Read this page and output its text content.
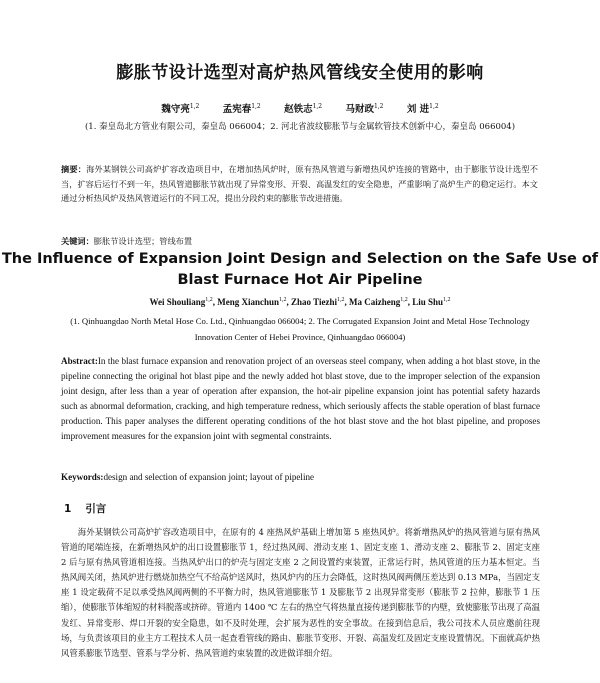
膨胀节设计选型对高炉热风管线安全使用的影响
魏守亮$^{1,2}$ 孟宪春$^{1,2}$ 赵铁志$^{1,2}$ 马财政$^{1,2}$ 刘 进$^{1,2}$
(1. 秦皇岛北方管业有限公司，秦皇岛 066004；2. 河北省波纹膨胀节与金属软管技术创新中心，秦皇岛 066004)
摘要：海外某钢铁公司高炉扩容改造项目中，在增加热风炉时，原有热风管道与新增热风炉连接的管路中，由于膨胀节设计选型不当，扩容后运行不到一年，热风管道膨胀节就出现了异常变形、开裂、高温发红的安全隐患，严重影响了高炉生产的稳定运行。本文通过分析热风炉及热风管道运行的不同工况，提出分段约束的膨胀节改进措施。
关键词：膨胀节设计选型；管线布置
The Influence of Expansion Joint Design and Selection on the Safe Use of Blast Furnace Hot Air Pipeline
Wei Shouliang$^{1,2}$, Meng Xianchun$^{1,2}$, Zhao Tiezhi$^{1,2}$, Ma Caizheng$^{1,2}$, Liu Shu$^{1,2}$
(1. Qinhuangdao North Metal Hose Co. Ltd., Qinhuangdao 066004; 2. The Corrugated Expansion Joint and Metal Hose Technology Innovation Center of Hebei Province, Qinhuangdao 066004)
Abstract:In the blast furnace expansion and renovation project of an overseas steel company, when adding a hot blast stove, in the pipeline connecting the original hot blast pipe and the newly added hot blast stove, due to the improper selection of the expansion joint design, after less than a year of operation after expansion, the hot-air pipeline expansion joint has potential safety hazards such as abnormal deformation, cracking, and high temperature redness, which seriously affects the stable operation of blast furnace production. This paper analyses the different operating conditions of the hot blast stove and the hot blast pipeline, and proposes improvement measures for the expansion joint with segmental constraints.
Keywords:design and selection of expansion joint; layout of pipeline
1 引言
海外某钢铁公司高炉扩容改造项目中，在原有的 4 座热风炉基础上增加第 5 座热风炉。将新增热风炉的热风管道与原有热风管道的尾端连接，在新增热风炉的出口设置膨胀节 1，经过热风阀、滑动支座 1、固定支座 1、滑动支座 2、膨胀节 2、固定支座 2 后与原有热风管道相连接。当热风炉出口的炉壳与固定支座 2 之间设置约束装置，正常运行时，热风管道的压力基本恒定。当热风阀关闭，热风炉进行燃烧加热空气不给高炉送风时，热风炉内的压力会降低，这时热风阀两侧压差达到 0.13 MPa，当固定支座 1 设定载荷不足以承受热风阀两侧的不平衡力时，热风管道膨胀节 1 及膨胀节 2 出现异常变形（膨胀节 2 拉伸，膨胀节 1 压缩），使膨胀节体缩短的材料脱落或挤碎。管道内 1400 ℃ 左右的热空气将热量直接传递到膨胀节的内壁，致使膨胀节出现了高温发红、异常变形、焊口开裂的安全隐患，如不及时处理，会扩展为恶性的安全事故。在接到信息后，我公司技术人员应邀前往现场，与负责该项目的业主方工程技术人员一起查看管线的路由、膨胀节变形、开裂、高温发红及固定支座设置情况。下面就高炉热风管系膨胀节选型、管系与学分析、热风管道约束装置的改进做详细介绍。
